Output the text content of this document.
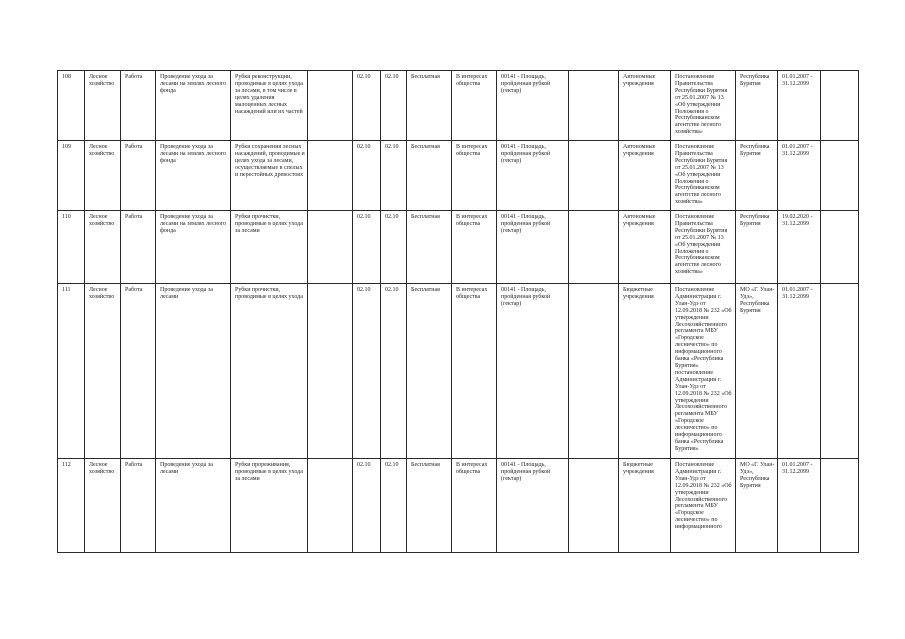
108	Лесное хозяйство	Работа	Проведение ухода за лесами на землях лесного фонда	Рубки реконструкции, проводимые в целях ухода за лесами, в том числе в целях удаления малоценных лесных насаждений или их частей		02.10	02.10	Бесплатная	В интересах общества	00141 - Площадь, пройденная рубкой (гектар)		Автономные учреждения	Постановление Правительства Республики Бурятия от 25.01.2007 № 13 «Об утверждении Положения о Республиканском агентстве лесного хозяйства»	Республика Бурятия	01.01.2007 - 31.12.2099	
109	Лесное хозяйство	Работа	Проведение ухода за лесами на землях лесного фонда	Рубки сохранения лесных насаждений, проводимые в целях ухода за лесами, осуществляемые в спелых и перестойных древостоях		02.10	02.10	Бесплатная	В интересах общества	00141 - Площадь, пройденная рубкой (гектар)		Автономные учреждения	Постановление Правительства Республики Бурятия от 25.01.2007 № 13 «Об утверждении Положения о Республиканском агентстве лесного хозяйства»	Республика Бурятия	01.01.2007 - 31.12.2099	
110	Лесное хозяйство	Работа	Проведение ухода за лесами на землях лесного фонда	Рубки прочистки, проводимые в целях ухода за лесами		02.10	02.10	Бесплатная	В интересах общества	00141 - Площадь, пройденная рубкой (гектар)		Автономные учреждения	Постановление Правительства Республики Бурятия от 25.01.2007 № 13 «Об утверждении Положения о Республиканском агентстве лесного хозяйства»	Республика Бурятия	19.02.2020 - 31.12.2099	
111	Лесное хозяйство	Работа	Проведение ухода за лесами	Рубки прочистки, проводимые в целях ухода		02.10	02.10	Бесплатная	В интересах общества	00141 - Площадь, пройденная рубкой (гектар)		Бюджетные учреждения	Постановление Администрации г. Улан-Удэ от 12.09.2018 № 232 «Об утверждении Лесохозяйственного регламента МБУ «Городское лесничество» по информационного банка «Республика Бурятия» постановление Администрации г. Улан-Удэ от 12.09.2018 № 232 «Об утверждении Лесохозяйственного регламента МБУ «Городское лесничество» по информационного банка «Республика Бурятия»	МО «Г. Улан-Удэ», Республика Бурятия	01.01.2007 - 31.12.2099	
112	Лесное хозяйство	Работа	Проведение ухода за лесами	Рубки прореживания, проводимые в целях ухода за лесами		02.10	02.10	Бесплатная	В интересах общества	00141 - Площадь, пройденная рубкой (гектар)		Бюджетные учреждения	Постановление Администрации г. Улан-Удэ от 12.09.2018 № 232 «Об утверждении Лесохозяйственного регламента МБУ «Городское лесничество» по информационного	МО «Г. Улан-Удэ», Республика Бурятия	01.01.2007 - 31.12.2099	
